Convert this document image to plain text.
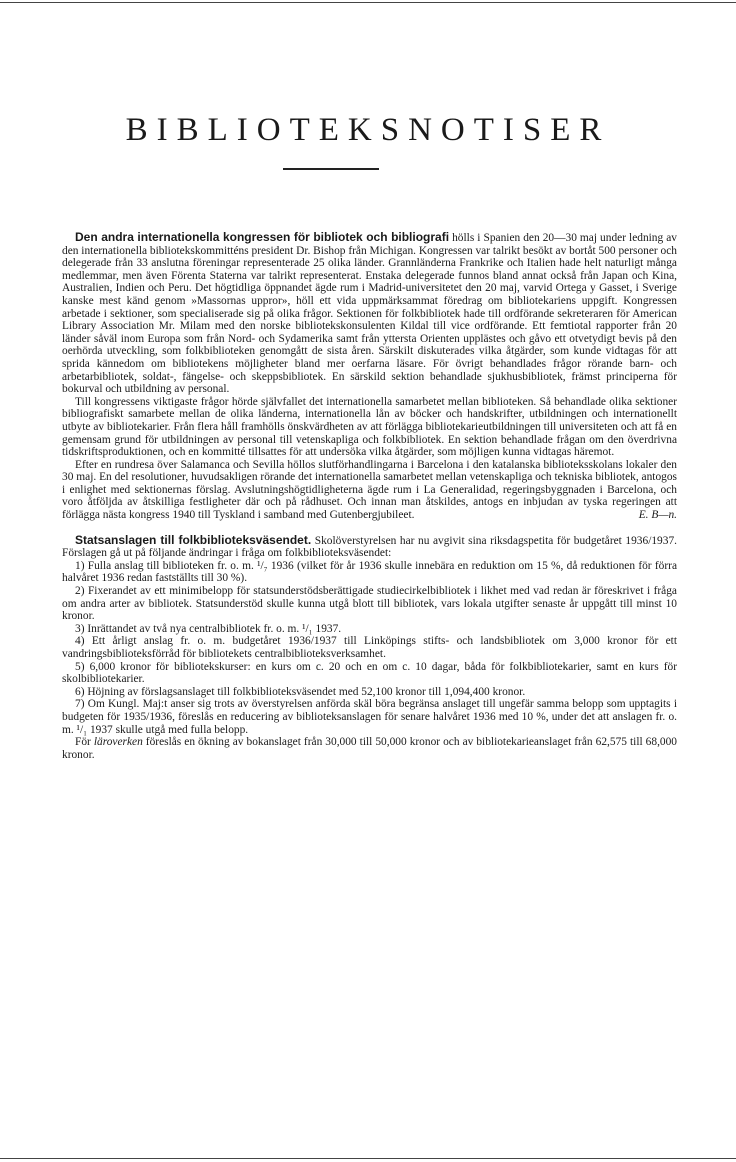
BIBLIOTEKSNOTISER

Den andra internationella kongressen för bibliotek och bibliografi hölls i Spanien den 20—30 maj under ledning av den internationella bibliotekskommitténs president Dr. Bishop från Michigan. Kongressen var talrikt besökt av bortåt 500 personer och delegerade från 33 anslutna föreningar representerade 25 olika länder. Grannländerna Frankrike och Italien hade helt naturligt många medlemmar, men även Förenta Staterna var talrikt representerat. Enstaka delegerade funnos bland annat också från Japan och Kina, Australien, Indien och Peru. Det högtidliga öppnandet ägde rum i Madrid-universitetet den 20 maj, varvid Ortega y Gasset, i Sverige kanske mest känd genom »Massornas uppror», höll ett vida uppmärksammat föredrag om bibliotekariens uppgift. Kongressen arbetade i sektioner, som specialiserade sig på olika frågor. Sektionen för folkbibliotek hade till ordförande sekreteraren för American Library Association Mr. Milam med den norske bibliotekskonsulenten Kildal till vice ordförande. Ett femtiotal rapporter från 20 länder såväl inom Europa som från Nord- och Sydamerika samt från yttersta Orienten upplästes och gåvo ett otvetydigt bevis på den oerhörda utveckling, som folkbiblioteken genomgått de sista åren. Särskilt diskuterades vilka åtgärder, som kunde vidtagas för att sprida kännedom om bibliotekens möjligheter bland mer oerfarna läsare. För övrigt behandlades frågor rörande barn- och arbetarbibliotek, soldat-, fängelse- och skeppsbibliotek. En särskild sektion behandlade sjukhusbibliotek, främst principerna för bokurval och utbildning av personal.

Till kongressens viktigaste frågor hörde självfallet det internationella samarbetet mellan biblioteken. Så behandlade olika sektioner bibliografiskt samarbete mellan de olika länderna, internationella lån av böcker och handskrifter, utbildningen och internationellt utbyte av bibliotekarier. Från flera håll framhölls önskvärdheten av att förlägga bibliotekarieutbildningen till universiteten och att få en gemensam grund för utbildningen av personal till vetenskapliga och folkbibliotek. En sektion behandlade frågan om den överdrivna tidskriftsproduktionen, och en kommitté tillsattes för att undersöka vilka åtgärder, som möjligen kunna vidtagas häremot.

Efter en rundresa över Salamanca och Sevilla höllos slutförhandlingarna i Barcelona i den katalanska biblioteksskolans lokaler den 30 maj. En del resolutioner, huvudsakligen rörande det internationella samarbetet mellan vetenskapliga och tekniska bibliotek, antogos i enlighet med sektionernas förslag. Avslutningshögtidligheterna ägde rum i La Generalidad, regeringsbyggnaden i Barcelona, och voro åtföljda av åtskilliga festligheter där och på rådhuset. Och innan man åtskildes, antogs en inbjudan av tyska regeringen att förlägga nästa kongress 1940 till Tyskland i samband med Gutenbergjubileet.	E. B—n.

Statsanslagen till folkbiblioteksväsendet. Skolöverstyrelsen har nu avgivit sina riksdagspetita för budgetåret 1936/1937. Förslagen gå ut på följande ändringar i fråga om folkbiblioteksväsendet:

1) Fulla anslag till biblioteken fr. o. m. ¹/₇ 1936 (vilket för år 1936 skulle innebära en reduktion om 15 %, då reduktionen för förra halvåret 1936 redan fastställts till 30 %).

2) Fixerandet av ett minimibelopp för statsunderstödsberättigade studiecirkelbibliotek i likhet med vad redan är föreskrivet i fråga om andra arter av bibliotek. Statsunderstöd skulle kunna utgå blott till bibliotek, vars lokala utgifter senaste år uppgått till minst 10 kronor.

3) Inrättandet av två nya centralbibliotek fr. o. m. ¹/₁ 1937.

4) Ett årligt anslag fr. o. m. budgetåret 1936/1937 till Linköpings stifts- och landsbibliotek om 3,000 kronor för ett vandringsbiblioteksförråd för bibliotekets centralbiblioteksverksamhet.

5) 6,000 kronor för bibliotekskurser: en kurs om c. 20 och en om c. 10 dagar, båda för folkbibliotekarier, samt en kurs för skolbibliotekarier.

6) Höjning av förslagsanslaget till folkbiblioteksväsendet med 52,100 kronor till 1,094,400 kronor.

7) Om Kungl. Maj:t anser sig trots av överstyrelsen anförda skäl böra begränsa anslaget till ungefär samma belopp som upptagits i budgeten för 1935/1936, föreslås en reducering av biblioteksanslagen för senare halvåret 1936 med 10 %, under det att anslagen fr. o. m. ¹/₁ 1937 skulle utgå med fulla belopp.

För läroverken föreslås en ökning av bokanslaget från 30,000 till 50,000 kronor och av bibliotekarieanslaget från 62,575 till 68,000 kronor.
